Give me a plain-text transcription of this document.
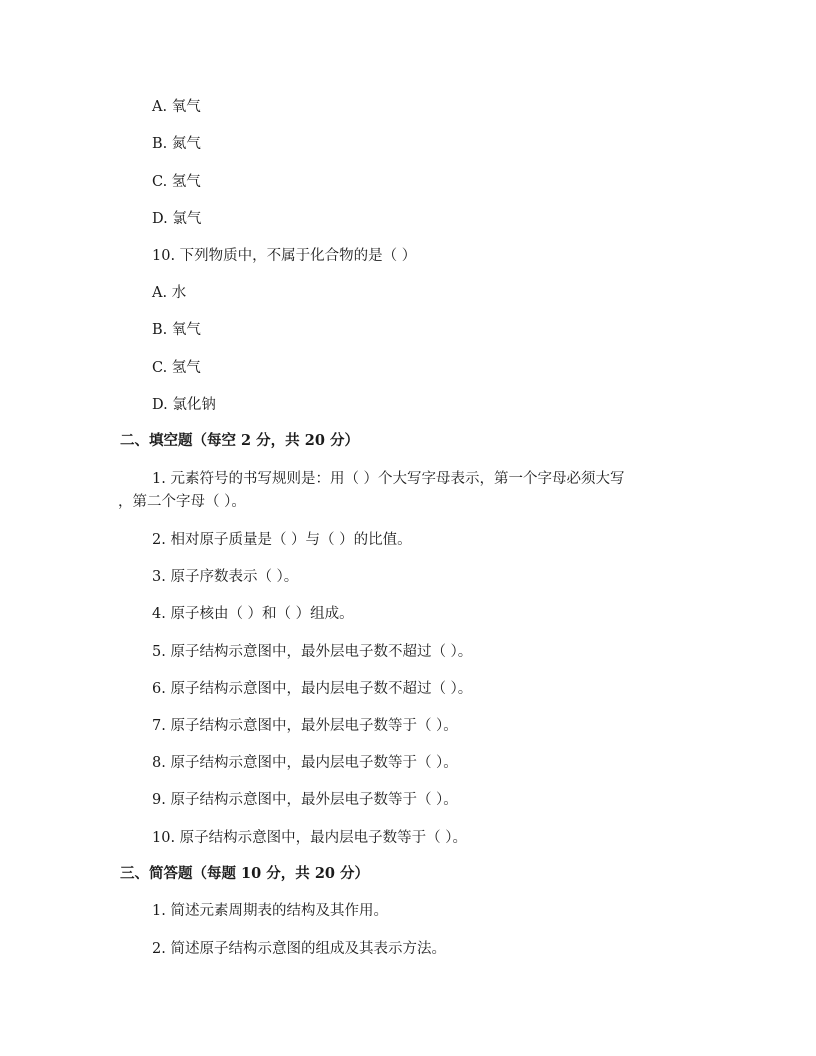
A. 氧气
B. 氮气
C. 氢气
D. 氯气
10. 下列物质中，不属于化合物的是（ ）
A. 水
B. 氧气
C. 氢气
D. 氯化钠
二、填空题（每空 2 分，共 20 分）
1. 元素符号的书写规则是：用（ ）个大写字母表示，第一个字母必须大写
，第二个字母（ ）。
2. 相对原子质量是（ ）与（ ）的比值。
3. 原子序数表示（ ）。
4. 原子核由（ ）和（ ）组成。
5. 原子结构示意图中，最外层电子数不超过（ ）。
6. 原子结构示意图中，最内层电子数不超过（ ）。
7. 原子结构示意图中，最外层电子数等于（ ）。
8. 原子结构示意图中，最内层电子数等于（ ）。
9. 原子结构示意图中，最外层电子数等于（ ）。
10. 原子结构示意图中，最内层电子数等于（ ）。
三、简答题（每题 10 分，共 20 分）
1. 简述元素周期表的结构及其作用。
2. 简述原子结构示意图的组成及其表示方法。
